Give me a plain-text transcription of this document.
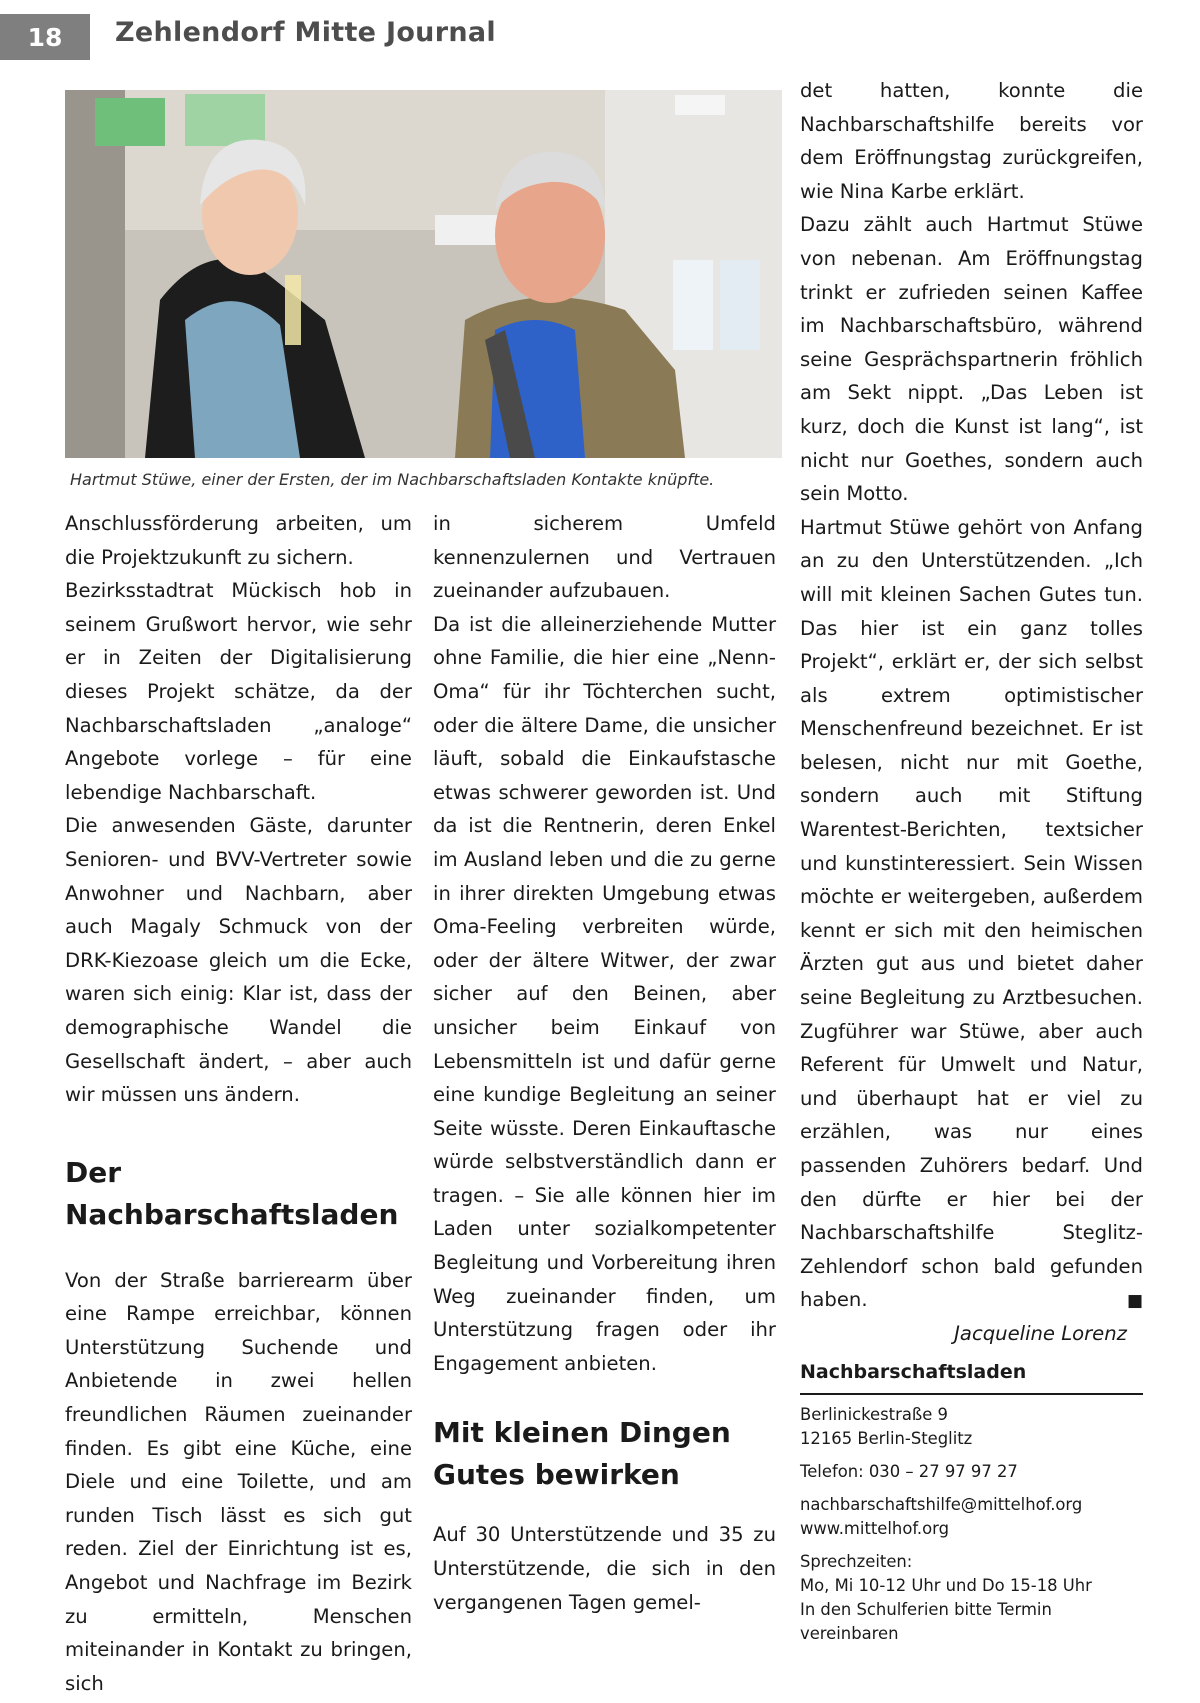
18	Zehlendorf Mitte Journal
Hartmut Stüwe, einer der Ersten, der im Nachbarschaftsladen Kontakte knüpfte.

Anschlussförderung arbeiten, um die Projektzukunft zu sichern.

Bezirksstadtrat Mückisch hob in seinem Grußwort hervor, wie sehr er in Zeiten der Digitalisierung dieses Projekt schätze, da der Nachbarschaftsladen „analoge“ Angebote vorlege – für eine lebendige Nachbarschaft.

Die anwesenden Gäste, darunter Senioren- und BVV-Vertreter sowie Anwohner und Nachbarn, aber auch Magaly Schmuck von der DRK-Kiezoase gleich um die Ecke, waren sich einig: Klar ist, dass der demographische Wandel die Gesellschaft ändert, – aber auch wir müssen uns ändern.

Der Nachbarschaftsladen

Von der Straße barrierearm über eine Rampe erreichbar, können Unterstützung Suchende und Anbietende in zwei hellen freundlichen Räumen zueinander finden. Es gibt eine Küche, eine Diele und eine Toilette, und am runden Tisch lässt es sich gut reden. Ziel der Einrichtung ist es, Angebot und Nachfrage im Bezirk zu ermitteln, Menschen miteinander in Kontakt zu bringen, sich

in sicherem Umfeld kennenzulernen und Vertrauen zueinander aufzubauen.

Da ist die alleinerziehende Mutter ohne Familie, die hier eine „Nenn-Oma“ für ihr Töchterchen sucht, oder die ältere Dame, die unsicher läuft, sobald die Einkaufstasche etwas schwerer geworden ist. Und da ist die Rentnerin, deren Enkel im Ausland leben und die zu gerne in ihrer direkten Umgebung etwas Oma-Feeling verbreiten würde, oder der ältere Witwer, der zwar sicher auf den Beinen, aber unsicher beim Einkauf von Lebensmitteln ist und dafür gerne eine kundige Begleitung an seiner Seite wüsste. Deren Einkauftasche würde selbstverständlich dann er tragen. – Sie alle können hier im Laden unter sozialkompetenter Begleitung und Vorbereitung ihren Weg zueinander finden, um Unterstützung fragen oder ihr Engagement anbieten.

Mit kleinen Dingen Gutes bewirken

Auf 30 Unterstützende und 35 zu Unterstützende, die sich in den vergangenen Tagen gemel-

det hatten, konnte die Nachbarschaftshilfe bereits vor dem Eröffnungstag zurückgreifen, wie Nina Karbe erklärt.

Dazu zählt auch Hartmut Stüwe von nebenan. Am Eröffnungstag trinkt er zufrieden seinen Kaffee im Nachbarschaftsbüro, während seine Gesprächspartnerin fröhlich am Sekt nippt. „Das Leben ist kurz, doch die Kunst ist lang“, ist nicht nur Goethes, sondern auch sein Motto.

Hartmut Stüwe gehört von Anfang an zu den Unterstützenden. „Ich will mit kleinen Sachen Gutes tun. Das hier ist ein ganz tolles Projekt“, erklärt er, der sich selbst als extrem optimistischer Menschenfreund bezeichnet. Er ist belesen, nicht nur mit Goethe, sondern auch mit Stiftung Warentest-Berichten, textsicher und kunstinteressiert. Sein Wissen möchte er weitergeben, außerdem kennt er sich mit den heimischen Ärzten gut aus und bietet daher seine Begleitung zu Arztbesuchen. Zugführer war Stüwe, aber auch Referent für Umwelt und Natur, und überhaupt hat er viel zu erzählen, was nur eines passenden Zuhörers bedarf. Und den dürfte er hier bei der Nachbarschaftshilfe Steglitz-Zehlendorf schon bald gefunden haben.	■

Jacqueline Lorenz
Nachbarschaftsladen
Berlinickestraße 9
12165 Berlin-Steglitz
Telefon: 030 – 27 97 97 27
nachbarschaftshilfe@mittelhof.org
www.mittelhof.org
Sprechzeiten:
Mo, Mi 10-12 Uhr und Do 15-18 Uhr
In den Schulferien bitte Termin
vereinbaren
